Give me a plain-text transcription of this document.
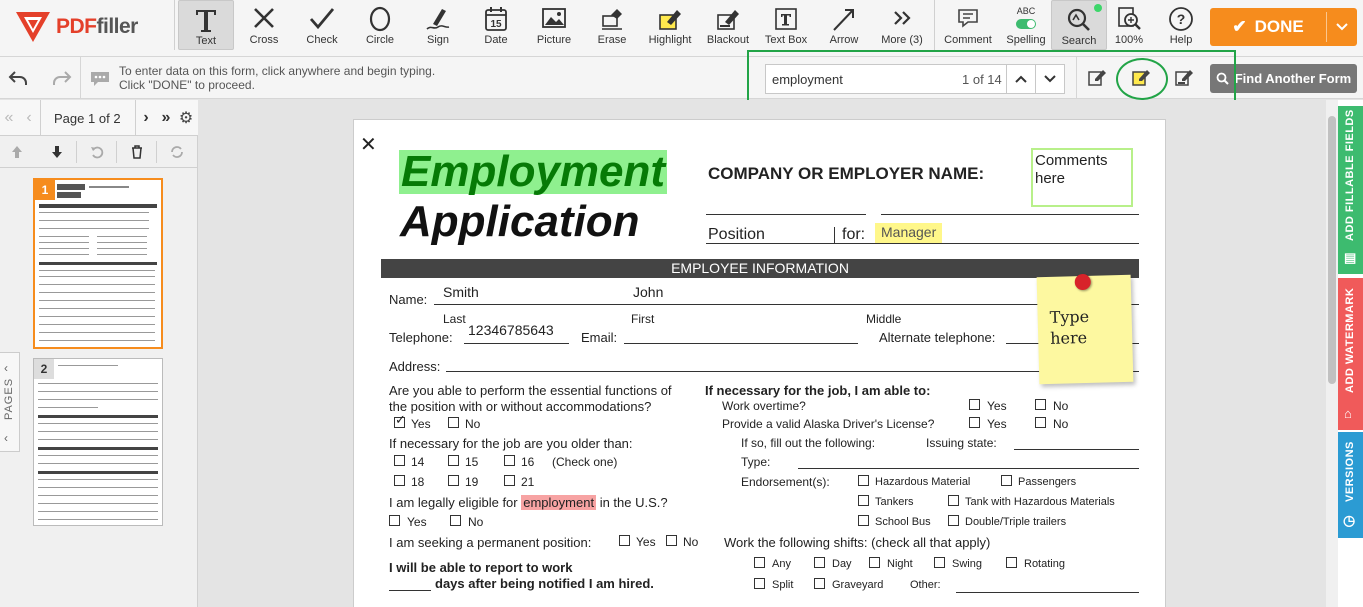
PDFfiller
Text	Cross	Check	Circle	Sign
15
Date	Picture	Erase	Highlight	Blackout	Text Box	Arrow	More (3)	Comment
ABC
Spelling	Search	100%
?
Help
✔ DONE
To enter data on this form, click anywhere and begin typing.
Click "DONE" to proceed.	employment	1 of 14	Find Another Form
« ‹ Page 1 of 2 › » ⚙
1
2
‹
PAGES
‹
✕
Employment
Application
COMPANY OR EMPLOYER NAME:
Comments here
Position	for:	Manager
EMPLOYEE INFORMATION
Name: Smith	John
Last	First	Middle
Telephone: 12346785643 Email:	Alternate telephone:
Address:
Are you able to perform the essential functions of
the position with or without accommodations?
✓ Yes	No
If necessary for the job are you older than:
14	15	16 (Check one)
18	19	21
I am legally eligible for employment in the U.S.?
Yes	No
I am seeking a permanent position:	Yes No
I will be able to report to work
days after being notified I am hired.
If necessary for the job, I am able to:
Work overtime?	Yes	No
Provide a valid Alaska Driver's License?	Yes	No
If so, fill out the following:	Issuing state:
Type:
Endorsement(s):	Hazardous Material	Passengers
Tankers	Tank with Hazardous Materials
School Bus	Double/Triple trailers
Work the following shifts: (check all that apply)
Any	Day	Night	Swing	Rotating
Split	Graveyard Other:
Type here
ADD FILLABLE FIELDS
▤
ADD WATERMARK
⌂
VERSIONS
◷
